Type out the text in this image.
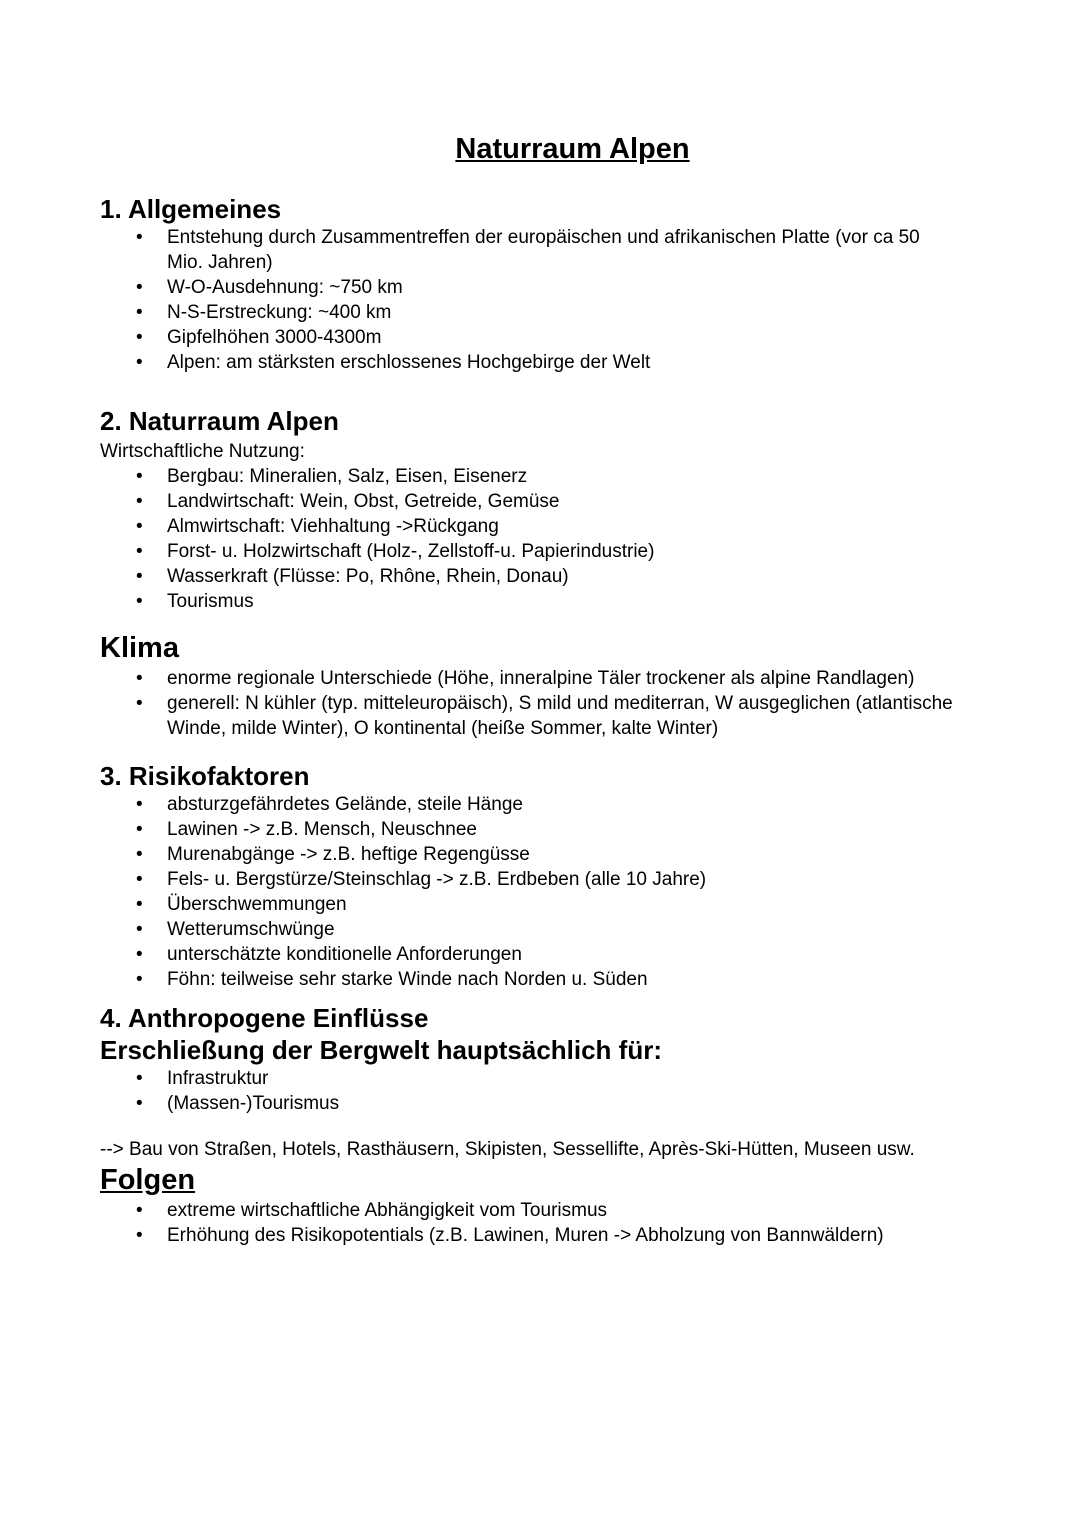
Naturraum Alpen
1. Allgemeines
• Entstehung durch Zusammentreffen der europäischen und afrikanischen Platte (vor ca 50 Mio. Jahren)
• W-O-Ausdehnung: ~750 km
• N-S-Erstreckung: ~400 km
• Gipfelhöhen 3000-4300m
• Alpen: am stärksten erschlossenes Hochgebirge der Welt
2. Naturraum Alpen

Wirtschaftliche Nutzung:

• Bergbau: Mineralien, Salz, Eisen, Eisenerz
• Landwirtschaft: Wein, Obst, Getreide, Gemüse
• Almwirtschaft: Viehhaltung ->Rückgang
• Forst- u. Holzwirtschaft (Holz-, Zellstoff-u. Papierindustrie)
• Wasserkraft (Flüsse: Po, Rhône, Rhein, Donau)
• Tourismus
Klima
• enorme regionale Unterschiede (Höhe, inneralpine Täler trockener als alpine Randlagen)
• generell: N kühler (typ. mitteleuropäisch), S mild und mediterran, W ausgeglichen (atlantische Winde, milde Winter), O kontinental (heiße Sommer, kalte Winter)
3. Risikofaktoren
• absturzgefährdetes Gelände, steile Hänge
• Lawinen -> z.B. Mensch, Neuschnee
• Murenabgänge -> z.B. heftige Regengüsse
• Fels- u. Bergstürze/Steinschlag -> z.B. Erdbeben (alle 10 Jahre)
• Überschwemmungen
• Wetterumschwünge
• unterschätzte konditionelle Anforderungen
• Föhn: teilweise sehr starke Winde nach Norden u. Süden
4. Anthropogene Einflüsse
Erschließung der Bergwelt hauptsächlich für:
• Infrastruktur
• (Massen-)Tourismus

--> Bau von Straßen, Hotels, Rasthäusern, Skipisten, Sessellifte, Après-Ski-Hütten, Museen usw.

Folgen
• extreme wirtschaftliche Abhängigkeit vom Tourismus
• Erhöhung des Risikopotentials (z.B. Lawinen, Muren -> Abholzung von Bannwäldern)
